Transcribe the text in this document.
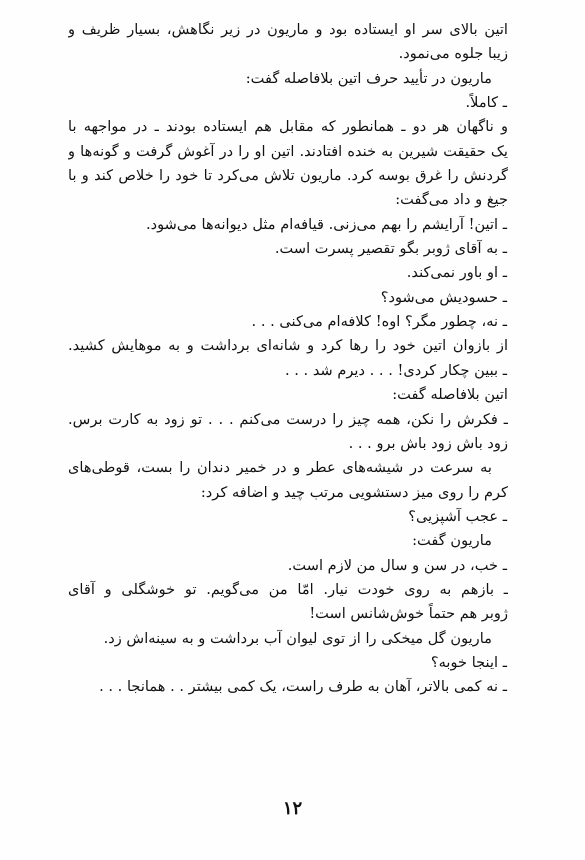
اتین بالای سر او ایستاده بود و ماریون در زیر نگاهش، بسیار ظریف و
زیبا جلوه می‌نمود.
ماریون در تأیید حرف اتین بلافاصله گفت:
ـ کاملاً.
و ناگهان هر دو ـ همانطور که مقابل هم ایستاده بودند ـ در مواجهه با
یک حقیقت شیرین به خنده افتادند. اتین او را در آغوش گرفت و گونه‌ها و
گردنش را غرق بوسه کرد. ماریون تلاش می‌کرد تا خود را خلاص کند و با
جیغ و داد می‌گفت:
ـ اتین! آرایشم را بهم می‌زنی. قیافه‌ام مثل دیوانه‌ها می‌شود.
ـ به آقای ژوبر بگو تقصیر پسرت است.
ـ او باور نمی‌کند.
ـ حسودیش می‌شود؟
ـ نه، چطور مگر؟ اوه! کلافه‌ام می‌کنی . . .
از بازوان اتین خود را رها کرد و شانه‌ای برداشت و به موهایش کشید.
ـ ببین چکار کردی! . . . دیرم شد . . .
اتین بلافاصله گفت:
ـ فکرش را نکن، همه چیز را درست می‌کنم . . . تو زود به کارت برس.
زود باش زود باش برو . . .
به سرعت در شیشه‌های عطر و در خمیر دندان را بست، قوطی‌های
کرم را روی میز دستشویی مرتب چید و اضافه کرد:
ـ عجب آشپزیی؟
ماریون گفت:
ـ خب، در سن و سال من لازم است.
ـ بازهم به روی خودت نیار. امّا من می‌گویم. تو خوشگلی و آقای
ژوبر هم حتماً خوش‌شانس است!
ماریون گل میخکی را از توی لیوان آب برداشت و به سینه‌اش زد.
ـ اینجا خوبه؟
ـ نه کمی بالاتر، آهان به طرف راست، یک کمی بیشتر . . همانجا . . .
۱۲
